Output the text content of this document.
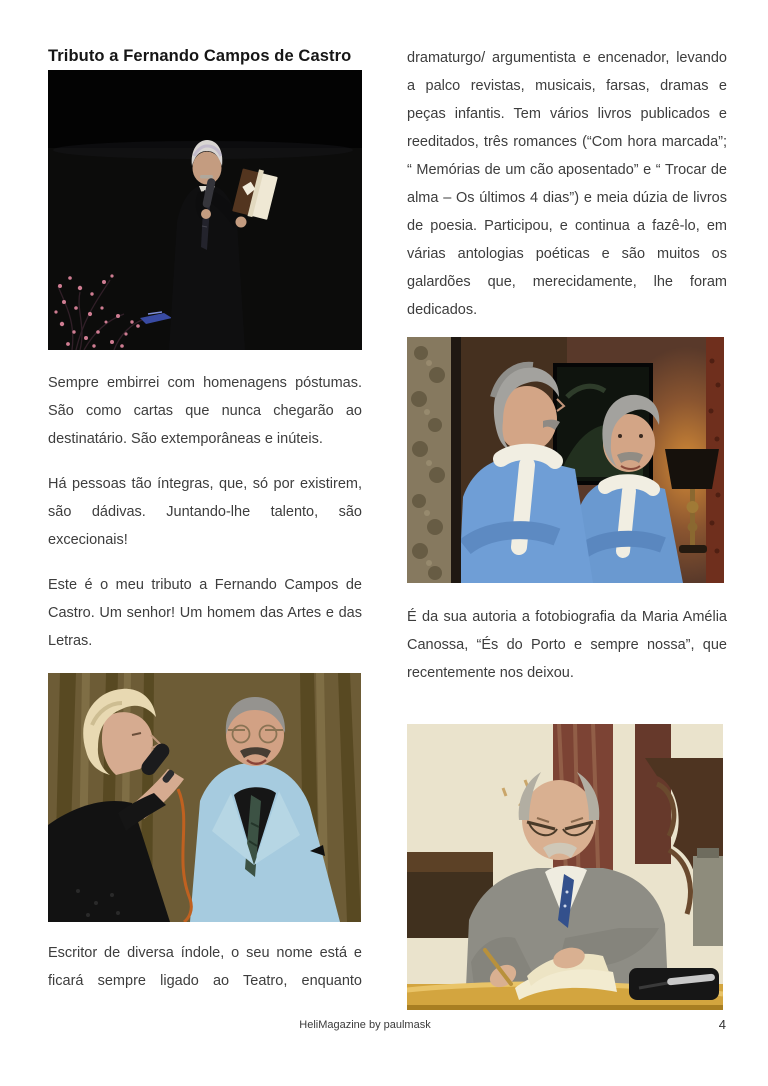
Tributo a Fernando Campos de Castro

Sempre embirrei com homenagens póstumas. São como cartas que nunca chegarão ao destinatário. São extemporâneas e inúteis.

Há pessoas tão íntegras, que, só por existirem, são dádivas. Juntando-lhe talento, são excecionais!

Este é o meu tributo a Fernando Campos de Castro. Um senhor! Um homem das Artes e das Letras.

Escritor de diversa índole, o seu nome está e ficará sempre ligado ao Teatro, enquanto

dramaturgo/ argumentista e encenador, levando a palco revistas, musicais, farsas, dramas e peças infantis. Tem vários livros publicados e reeditados, três romances (“Com hora marcada”; “ Memórias de um cão aposentado” e “ Trocar de alma – Os últimos 4 dias”) e meia dúzia de livros de poesia. Participou, e continua a fazê-lo, em várias antologias poéticas e são muitos os galardões que, merecidamente, lhe foram dedicados.

É da sua autoria a fotobiografia da Maria Amélia Canossa, “És do Porto e sempre nossa”, que recentemente nos deixou.

HeliMagazine by paulmask	4
